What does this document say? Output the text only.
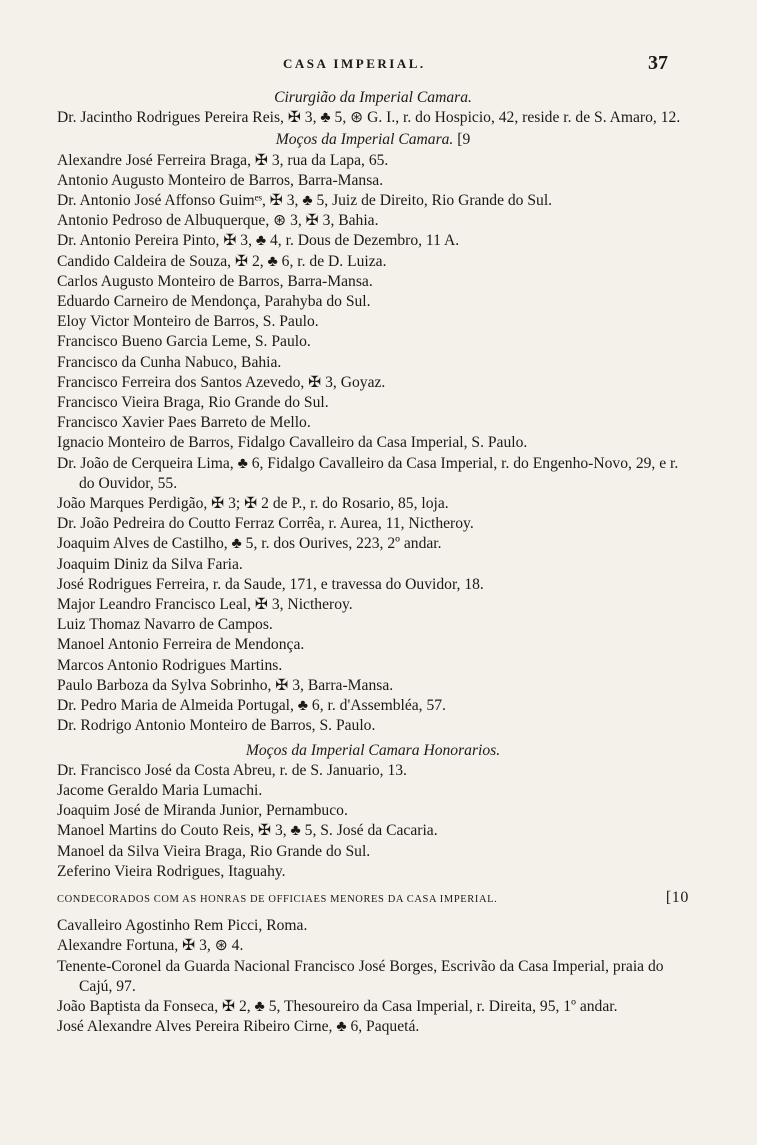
CASA IMPERIAL.	37
Cirurgião da Imperial Camara.

Dr. Jacintho Rodrigues Pereira Reis, ✠ 3, ♣ 5, ⊛ G. I., r. do Hospicio, 42, reside r. de S. Amaro, 12.

Moços da Imperial Camara. [9

Alexandre José Ferreira Braga, ✠ 3, rua da Lapa, 65.

Antonio Augusto Monteiro de Barros, Barra-Mansa.

Dr. Antonio José Affonso Guimᵉˢ, ✠ 3, ♣ 5, Juiz de Direito, Rio Grande do Sul.

Antonio Pedroso de Albuquerque, ⊛ 3, ✠ 3, Bahia.

Dr. Antonio Pereira Pinto, ✠ 3, ♣ 4, r. Dous de Dezembro, 11 A.

Candido Caldeira de Souza, ✠ 2, ♣ 6, r. de D. Luiza.

Carlos Augusto Monteiro de Barros, Barra-Mansa.

Eduardo Carneiro de Mendonça, Parahyba do Sul.

Eloy Victor Monteiro de Barros, S. Paulo.

Francisco Bueno Garcia Leme, S. Paulo.

Francisco da Cunha Nabuco, Bahia.

Francisco Ferreira dos Santos Azevedo, ✠ 3, Goyaz.

Francisco Vieira Braga, Rio Grande do Sul.

Francisco Xavier Paes Barreto de Mello.

Ignacio Monteiro de Barros, Fidalgo Cavalleiro da Casa Imperial, S. Paulo.

Dr. João de Cerqueira Lima, ♣ 6, Fidalgo Cavalleiro da Casa Imperial, r. do Engenho-Novo, 29, e r. do Ouvidor, 55.

João Marques Perdigão, ✠ 3; ✠ 2 de P., r. do Rosario, 85, loja.

Dr. João Pedreira do Coutto Ferraz Corrêa, r. Aurea, 11, Nictheroy.

Joaquim Alves de Castilho, ♣ 5, r. dos Ourives, 223, 2º andar.

Joaquim Diniz da Silva Faria.

José Rodrigues Ferreira, r. da Saude, 171, e travessa do Ouvidor, 18.

Major Leandro Francisco Leal, ✠ 3, Nictheroy.

Luiz Thomaz Navarro de Campos.

Manoel Antonio Ferreira de Mendonça.

Marcos Antonio Rodrigues Martins.

Paulo Barboza da Sylva Sobrinho, ✠ 3, Barra-Mansa.

Dr. Pedro Maria de Almeida Portugal, ♣ 6, r. d'Assembléa, 57.

Dr. Rodrigo Antonio Monteiro de Barros, S. Paulo.

Moços da Imperial Camara Honorarios.

Dr. Francisco José da Costa Abreu, r. de S. Januario, 13.

Jacome Geraldo Maria Lumachi.

Joaquim José de Miranda Junior, Pernambuco.

Manoel Martins do Couto Reis, ✠ 3, ♣ 5, S. José da Cacaria.

Manoel da Silva Vieira Braga, Rio Grande do Sul.

Zeferino Vieira Rodrigues, Itaguahy.

CONDECORADOS COM AS HONRAS DE OFFICIAES MENORES DA CASA IMPERIAL.	[10

Cavalleiro Agostinho Rem Picci, Roma.

Alexandre Fortuna, ✠ 3, ⊛ 4.

Tenente-Coronel da Guarda Nacional Francisco José Borges, Escrivão da Casa Imperial, praia do Cajú, 97.

João Baptista da Fonseca, ✠ 2, ♣ 5, Thesoureiro da Casa Imperial, r. Direita, 95, 1º andar.

José Alexandre Alves Pereira Ribeiro Cirne, ♣ 6, Paquetá.
